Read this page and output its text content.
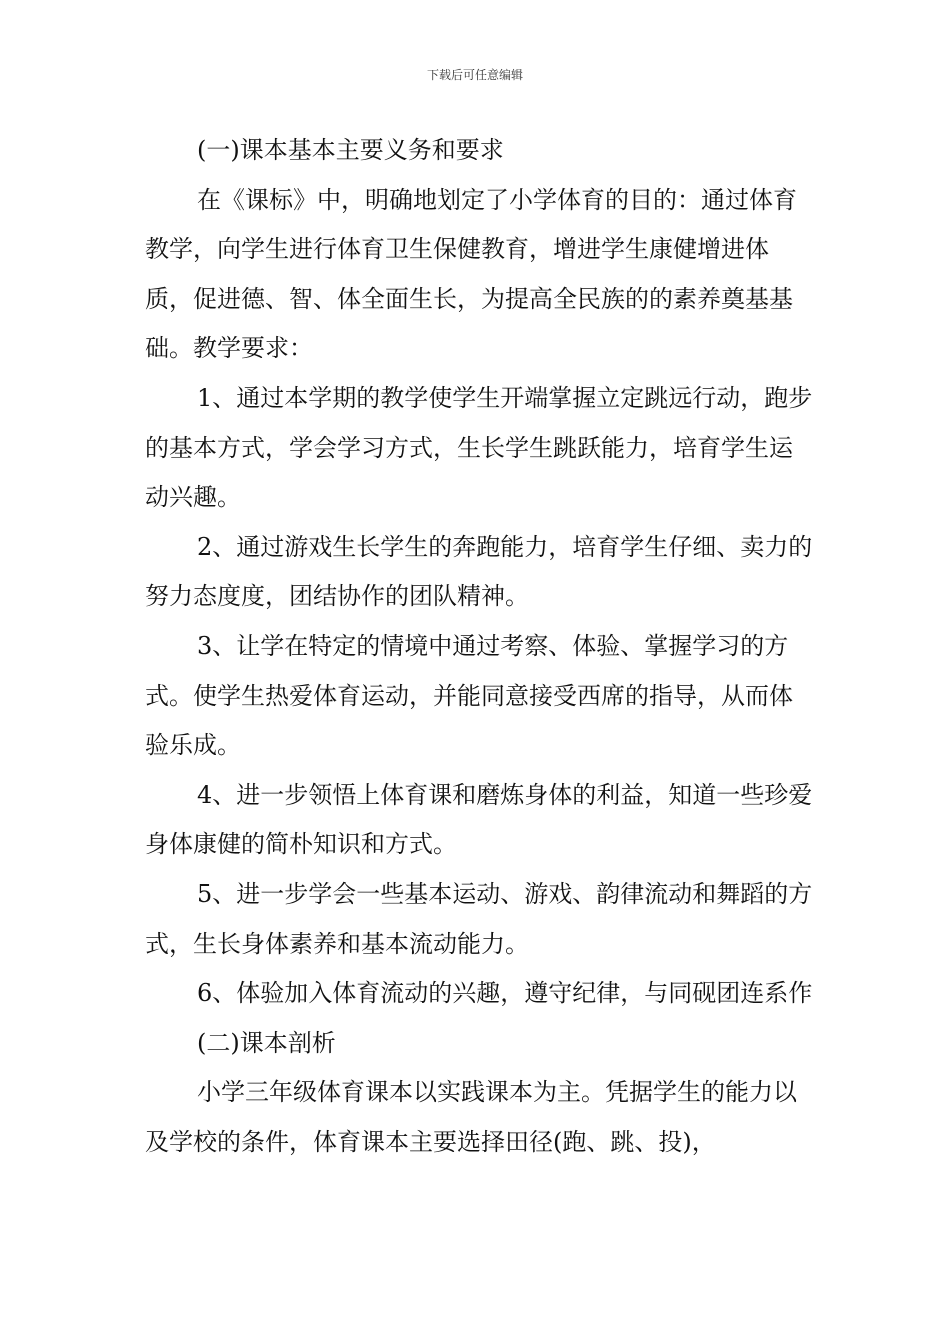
下载后可任意编辑

(一)课本基本主要义务和要求

在《课标》中，明确地划定了小学体育的目的：通过体育教学，向学生进行体育卫生保健教育，增进学生康健增进体质，促进德、智、体全面生长，为提高全民族的的素养奠基基础。教学要求：

1、通过本学期的教学使学生开端掌握立定跳远行动，跑步的基本方式，学会学习方式，生长学生跳跃能力，培育学生运动兴趣。

2、通过游戏生长学生的奔跑能力，培育学生仔细、卖力的努力态度度，团结协作的团队精神。

3、让学在特定的情境中通过考察、体验、掌握学习的方式。使学生热爱体育运动，并能同意接受西席的指导，从而体验乐成。

4、进一步领悟上体育课和磨炼身体的利益，知道一些珍爱身体康健的简朴知识和方式。

5、进一步学会一些基本运动、游戏、韵律流动和舞蹈的方式，生长身体素养和基本流动能力。

6、体验加入体育流动的兴趣，遵守纪律，与同砚团连系作

(二)课本剖析

小学三年级体育课本以实践课本为主。凭据学生的能力以及学校的条件，体育课本主要选择田径(跑、跳、投)，
